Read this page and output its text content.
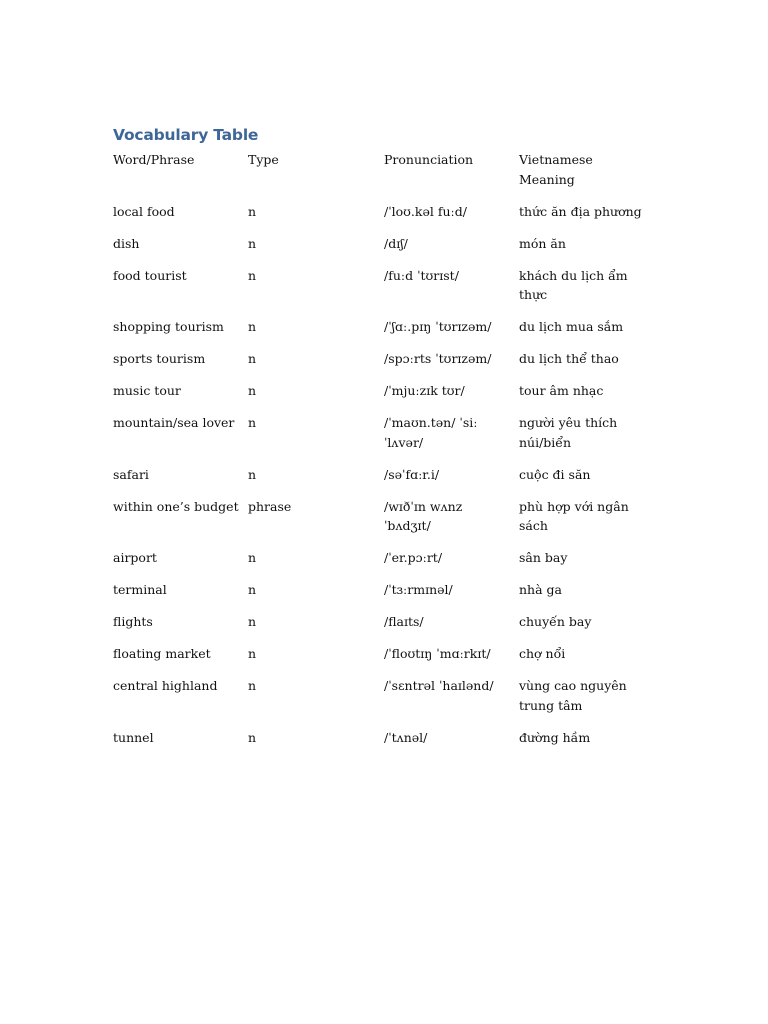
Vocabulary Table
Word/Phrase	Type	Pronunciation	Vietnamese Meaning
local food	n	/ˈloʊ.kəl fuːd/	thức ăn địa phương
dish	n	/dɪʃ/	món ăn
food tourist	n	/fuːd ˈtʊrɪst/	khách du lịch ẩm thực
shopping tourism	n	/ˈʃɑː.pɪŋ ˈtʊrɪzəm/	du lịch mua sắm
sports tourism	n	/spɔːrts ˈtʊrɪzəm/	du lịch thể thao
music tour	n	/ˈmjuːzɪk tʊr/	tour âm nhạc
mountain/sea lover	n	/ˈmaʊn.tən/ ˈsiː ˈlʌvər/	người yêu thích núi/biển
safari	n	/səˈfɑːr.i/	cuộc đi săn
within one’s budget	phrase	/wɪðˈɪn wʌnz ˈbʌdʒɪt/	phù hợp với ngân sách
airport	n	/ˈer.pɔːrt/	sân bay
terminal	n	/ˈtɜːrmɪnəl/	nhà ga
flights	n	/flaɪts/	chuyến bay
floating market	n	/ˈfloʊtɪŋ ˈmɑːrkɪt/	chợ nổi
central highland	n	/ˈsɛntrəl ˈhaɪlənd/	vùng cao nguyên trung tâm
tunnel	n	/ˈtʌnəl/	đường hầm
